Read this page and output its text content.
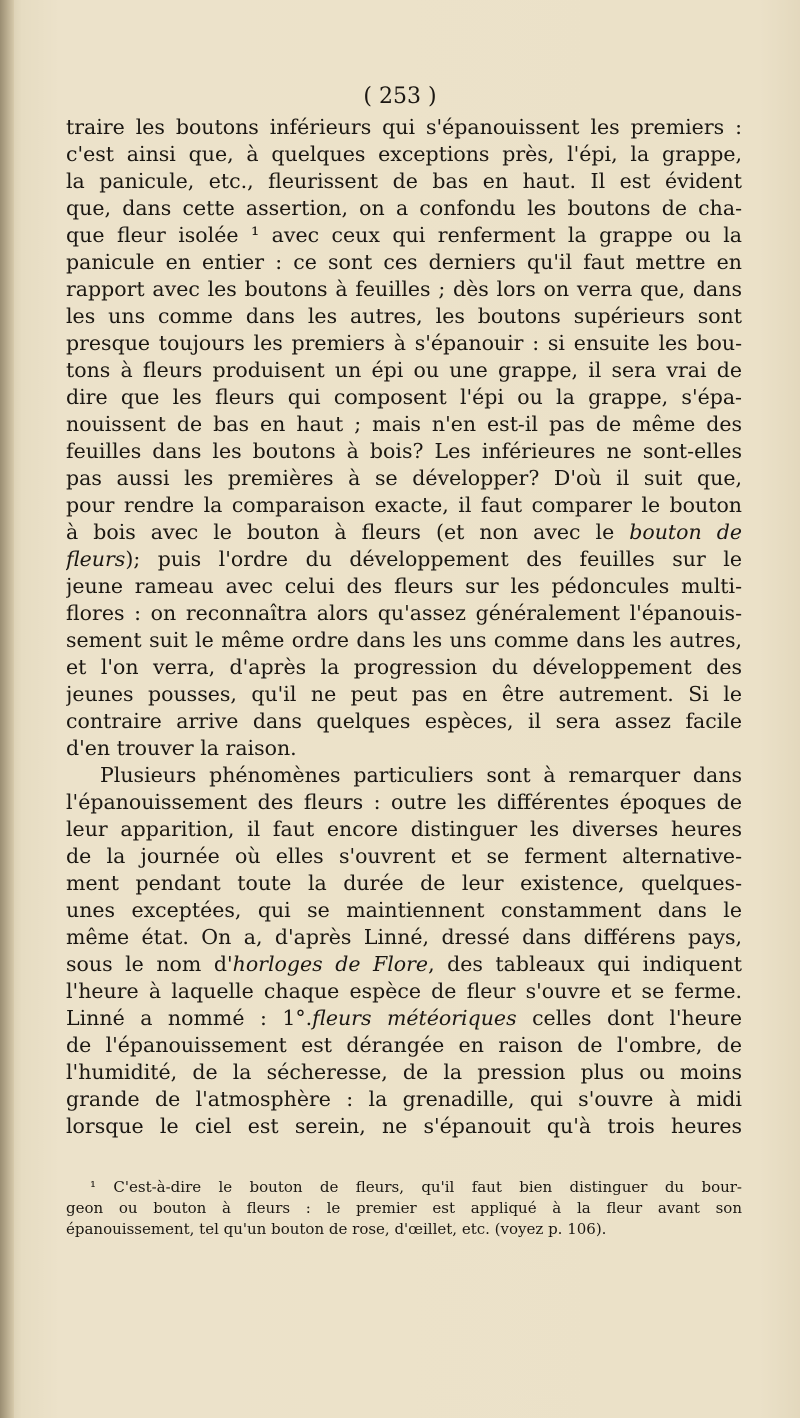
( 253 )
traire les boutons inférieurs qui s'épanouissent les premiers :
c'est ainsi que, à quelques exceptions près, l'épi, la grappe,
la panicule, etc., fleurissent de bas en haut. Il est évident
que, dans cette assertion, on a confondu les boutons de cha-
que fleur isolée ¹ avec ceux qui renferment la grappe ou la
panicule en entier : ce sont ces derniers qu'il faut mettre en
rapport avec les boutons à feuilles ; dès lors on verra que, dans
les uns comme dans les autres, les boutons supérieurs sont
presque toujours les premiers à s'épanouir : si ensuite les bou-
tons à fleurs produisent un épi ou une grappe, il sera vrai de
dire que les fleurs qui composent l'épi ou la grappe, s'épa-
nouissent de bas en haut ; mais n'en est-il pas de même des
feuilles dans les boutons à bois? Les inférieures ne sont-elles
pas aussi les premières à se développer? D'où il suit que,
pour rendre la comparaison exacte, il faut comparer le bouton
à bois avec le bouton à fleurs (et non avec le bouton de
fleurs); puis l'ordre du développement des feuilles sur le
jeune rameau avec celui des fleurs sur les pédoncules multi-
flores : on reconnaîtra alors qu'assez généralement l'épanouis-
sement suit le même ordre dans les uns comme dans les autres,
et l'on verra, d'après la progression du développement des
jeunes pousses, qu'il ne peut pas en être autrement. Si le
contraire arrive dans quelques espèces, il sera assez facile
d'en trouver la raison.
Plusieurs phénomènes particuliers sont à remarquer dans
l'épanouissement des fleurs : outre les différentes époques de
leur apparition, il faut encore distinguer les diverses heures
de la journée où elles s'ouvrent et se ferment alternative-
ment pendant toute la durée de leur existence, quelques-
unes exceptées, qui se maintiennent constamment dans le
même état. On a, d'après Linné, dressé dans différens pays,
sous le nom d'horloges de Flore, des tableaux qui indiquent
l'heure à laquelle chaque espèce de fleur s'ouvre et se ferme.
Linné a nommé : 1°.fleurs météoriques celles dont l'heure
de l'épanouissement est dérangée en raison de l'ombre, de
l'humidité, de la sécheresse, de la pression plus ou moins
grande de l'atmosphère : la grenadille, qui s'ouvre à midi
lorsque le ciel est serein, ne s'épanouit qu'à trois heures
¹ C'est-à-dire le bouton de fleurs, qu'il faut bien distinguer du bour-
geon ou bouton à fleurs : le premier est appliqué à la fleur avant son
épanouissement, tel qu'un bouton de rose, d'œillet, etc. (voyez p. 106).
